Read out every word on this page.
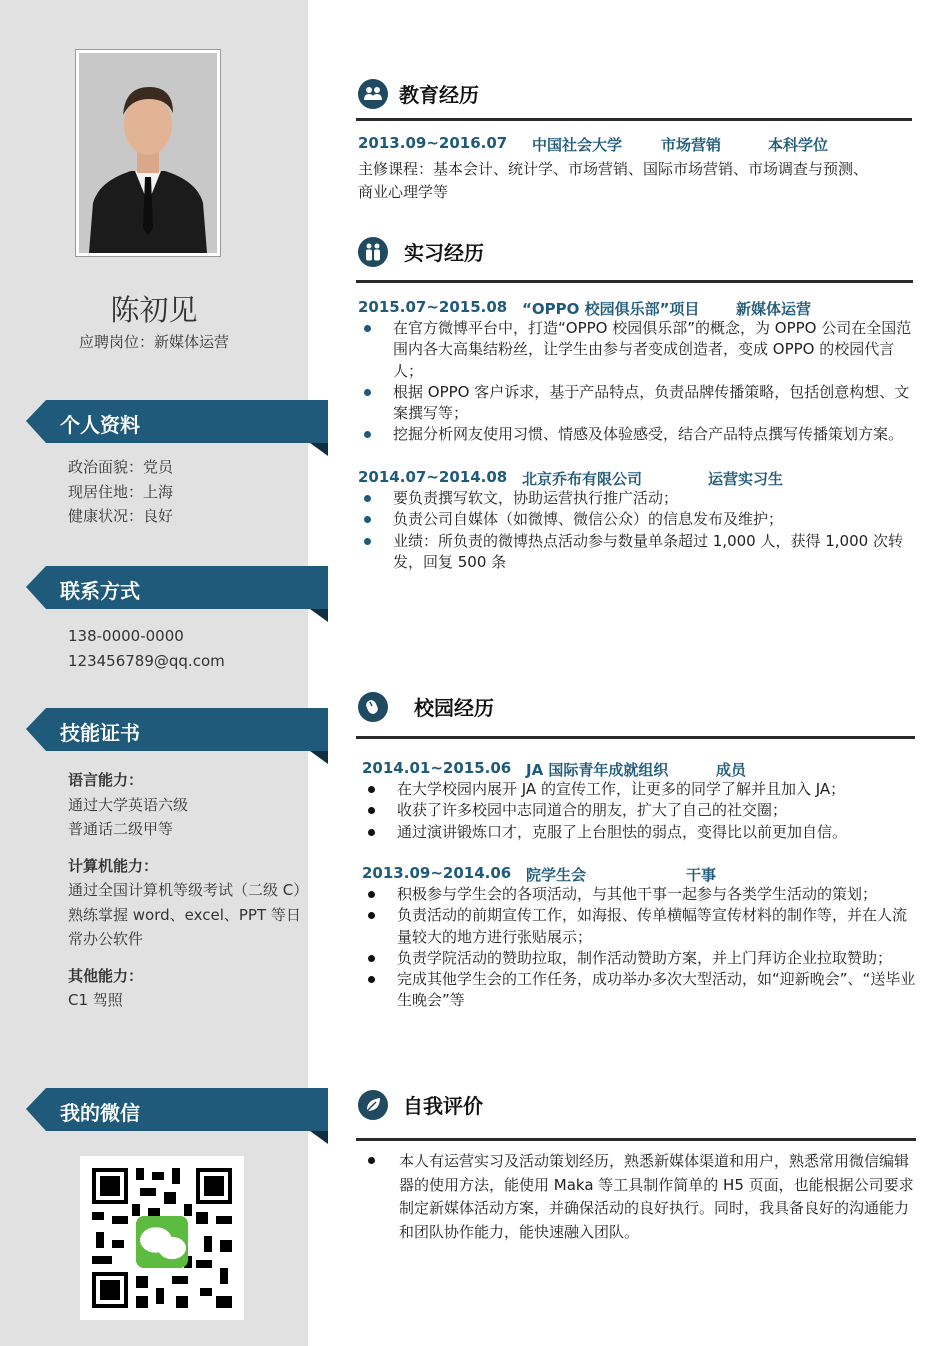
陈初见
应聘岗位：新媒体运营
个人资料
政治面貌：党员
现居住地：上海
健康状况：良好
联系方式
138-0000-0000
123456789@qq.com
技能证书
语言能力：
通过大学英语六级
普通话二级甲等
计算机能力：
通过全国计算机等级考试（二级 C）
熟练掌握 word、excel、PPT 等日
常办公软件
其他能力：
C1 驾照
我的微信
教育经历
2013.09~2016.07 中国社会大学	市场营销	本科学位
主修课程：基本会计、统计学、市场营销、国际市场营销、市场调查与预测、
商业心理学等
实习经历
2015.07~2015.08 “OPPO 校园俱乐部”项目 新媒体运营
在官方微博平台中，打造“OPPO 校园俱乐部”的概念，为 OPPO 公司在全国范围内各大高集结粉丝，让学生由参与者变成创造者，变成 OPPO 的校园代言人；
根据 OPPO 客户诉求，基于产品特点，负责品牌传播策略，包括创意构想、文案撰写等；
挖掘分析网友使用习惯、情感及体验感受，结合产品特点撰写传播策划方案。
2014.07~2014.08 北京乔布有限公司	运营实习生
要负责撰写软文，协助运营执行推广活动；
负责公司自媒体（如微博、微信公众）的信息发布及维护；
业绩：所负责的微博热点活动参与数量单条超过 1,000 人，获得 1,000 次转发，回复 500 条
校园经历
2014.01~2015.06 JA 国际青年成就组织	成员
在大学校园内展开 JA 的宣传工作，让更多的同学了解并且加入 JA；
收获了许多校园中志同道合的朋友，扩大了自己的社交圈；
通过演讲锻炼口才，克服了上台胆怯的弱点，变得比以前更加自信。
2013.09~2014.06 院学生会	干事
积极参与学生会的各项活动，与其他干事一起参与各类学生活动的策划；
负责活动的前期宣传工作，如海报、传单横幅等宣传材料的制作等，并在人流量较大的地方进行张贴展示；
负责学院活动的赞助拉取，制作活动赞助方案，并上门拜访企业拉取赞助；
完成其他学生会的工作任务，成功举办多次大型活动，如“迎新晚会”、“送毕业生晚会”等
自我评价
本人有运营实习及活动策划经历，熟悉新媒体渠道和用户，熟悉常用微信编辑器的使用方法，能使用 Maka 等工具制作简单的 H5 页面，也能根据公司要求制定新媒体活动方案，并确保活动的良好执行。同时，我具备良好的沟通能力和团队协作能力，能快速融入团队。
